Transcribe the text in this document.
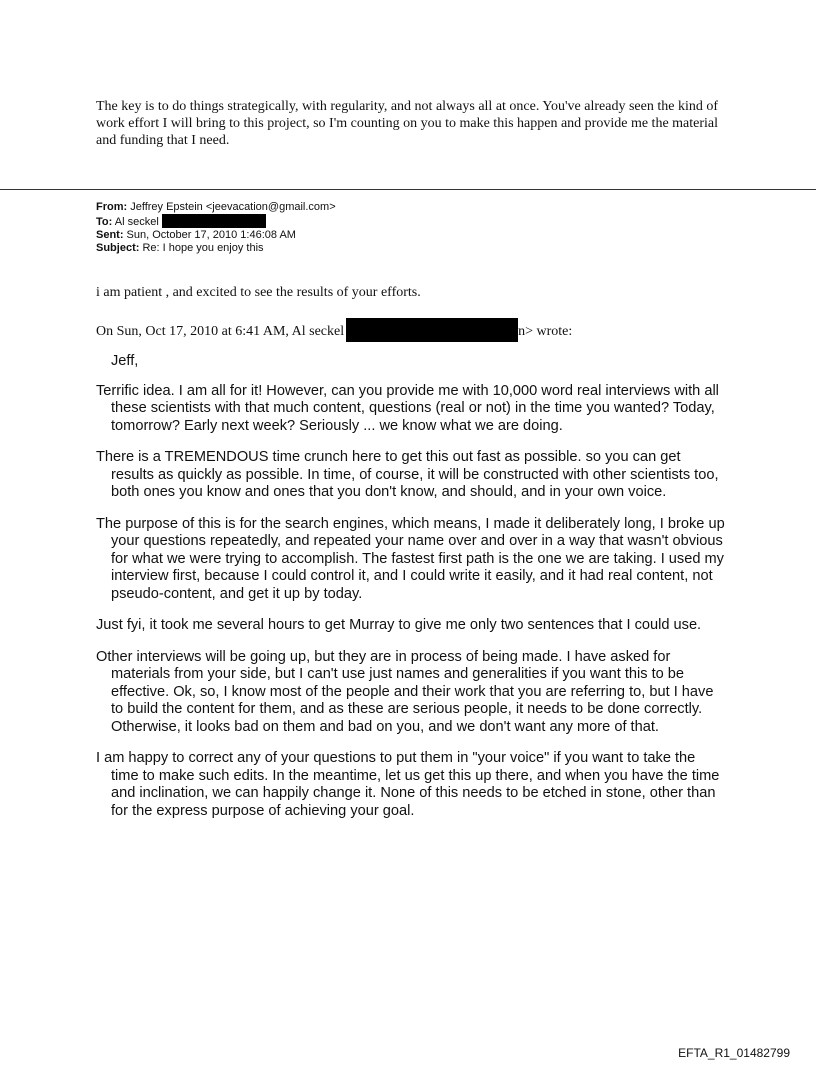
The key is to do things strategically, with regularity, and not always all at once. You've already seen the kind of work effort I will bring to this project, so I'm counting on you to make this happen and provide me the material and funding that I need.
From: Jeffrey Epstein <jeevacation@gmail.com>
To: Al seckel
Sent: Sun, October 17, 2010 1:46:08 AM
Subject: Re: I hope you enjoy this
i am patient , and excited to see the results of your efforts.
On Sun, Oct 17, 2010 at 6:41 AM, Al seckel	n> wrote:
Jeff,
Terrific idea. I am all for it! However, can you provide me with 10,000 word real interviews with all these scientists with that much content, questions (real or not) in the time you wanted? Today, tomorrow? Early next week? Seriously ... we know what we are doing.
There is a TREMENDOUS time crunch here to get this out fast as possible. so you can get results as quickly as possible. In time, of course, it will be constructed with other scientists too, both ones you know and ones that you don't know, and should, and in your own voice.
The purpose of this is for the search engines, which means, I made it deliberately long, I broke up your questions repeatedly, and repeated your name over and over in a way that wasn't obvious for what we were trying to accomplish. The fastest first path is the one we are taking. I used my interview first, because I could control it, and I could write it easily, and it had real content, not pseudo-content, and get it up by today.
Just fyi, it took me several hours to get Murray to give me only two sentences that I could use.
Other interviews will be going up, but they are in process of being made. I have asked for materials from your side, but I can't use just names and generalities if you want this to be effective. Ok, so, I know most of the people and their work that you are referring to, but I have to build the content for them, and as these are serious people, it needs to be done correctly. Otherwise, it looks bad on them and bad on you, and we don't want any more of that.
I am happy to correct any of your questions to put them in "your voice" if you want to take the time to make such edits. In the meantime, let us get this up there, and when you have the time and inclination, we can happily change it. None of this needs to be etched in stone, other than for the express purpose of achieving your goal.
EFTA_R1_01482799
